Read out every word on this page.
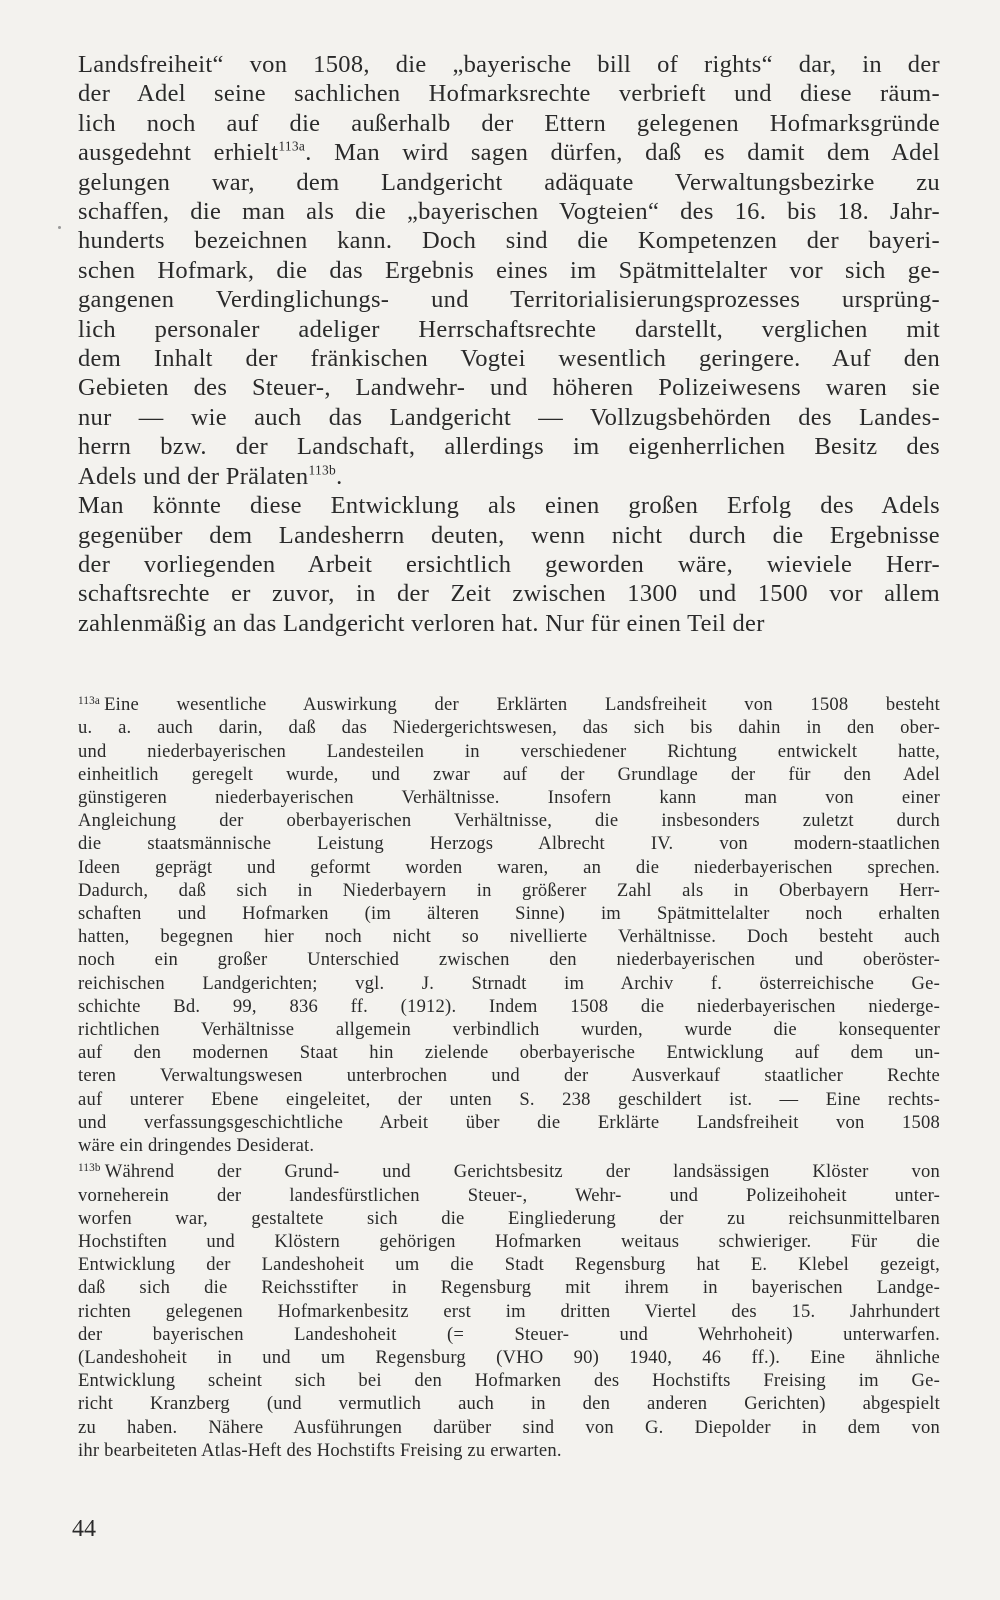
Landsfreiheit“ von 1508, die „bayerische bill of rights“ dar, in der
der Adel seine sachlichen Hofmarksrechte verbrieft und diese räum-
lich noch auf die außerhalb der Ettern gelegenen Hofmarksgründe
ausgedehnt erhielt$^{113a}$. Man wird sagen dürfen, daß es damit dem Adel
gelungen war, dem Landgericht adäquate Verwaltungsbezirke zu
schaffen, die man als die „bayerischen Vogteien“ des 16. bis 18. Jahr-
hunderts bezeichnen kann. Doch sind die Kompetenzen der bayeri-
schen Hofmark, die das Ergebnis eines im Spätmittelalter vor sich ge-
gangenen Verdinglichungs- und Territorialisierungsprozesses ursprüng-
lich personaler adeliger Herrschaftsrechte darstellt, verglichen mit
dem Inhalt der fränkischen Vogtei wesentlich geringere. Auf den
Gebieten des Steuer-, Landwehr- und höheren Polizeiwesens waren sie
nur — wie auch das Landgericht — Vollzugsbehörden des Landes-
herrn bzw. der Landschaft, allerdings im eigenherrlichen Besitz des
Adels und der Prälaten$^{113b}$.
Man könnte diese Entwicklung als einen großen Erfolg des Adels
gegenüber dem Landesherrn deuten, wenn nicht durch die Ergebnisse
der vorliegenden Arbeit ersichtlich geworden wäre, wieviele Herr-
schaftsrechte er zuvor, in der Zeit zwischen 1300 und 1500 vor allem
zahlenmäßig an das Landgericht verloren hat. Nur für einen Teil der
$^{113a}$ Eine wesentliche Auswirkung der Erklärten Landsfreiheit von 1508 besteht
u. a. auch darin, daß das Niedergerichtswesen, das sich bis dahin in den ober-
und niederbayerischen Landesteilen in verschiedener Richtung entwickelt hatte,
einheitlich geregelt wurde, und zwar auf der Grundlage der für den Adel
günstigeren niederbayerischen Verhältnisse. Insofern kann man von einer
Angleichung der oberbayerischen Verhältnisse, die insbesonders zuletzt durch
die staatsmännische Leistung Herzogs Albrecht IV. von modern-staatlichen
Ideen geprägt und geformt worden waren, an die niederbayerischen sprechen.
Dadurch, daß sich in Niederbayern in größerer Zahl als in Oberbayern Herr-
schaften und Hofmarken (im älteren Sinne) im Spätmittelalter noch erhalten
hatten, begegnen hier noch nicht so nivellierte Verhältnisse. Doch besteht auch
noch ein großer Unterschied zwischen den niederbayerischen und oberöster-
reichischen Landgerichten; vgl. J. Strnadt im Archiv f. österreichische Ge-
schichte Bd. 99, 836 ff. (1912). Indem 1508 die niederbayerischen niederge-
richtlichen Verhältnisse allgemein verbindlich wurden, wurde die konsequenter
auf den modernen Staat hin zielende oberbayerische Entwicklung auf dem un-
teren Verwaltungswesen unterbrochen und der Ausverkauf staatlicher Rechte
auf unterer Ebene eingeleitet, der unten S. 238 geschildert ist. — Eine rechts-
und verfassungsgeschichtliche Arbeit über die Erklärte Landsfreiheit von 1508
wäre ein dringendes Desiderat.
$^{113b}$ Während der Grund- und Gerichtsbesitz der landsässigen Klöster von
vorneherein der landesfürstlichen Steuer-, Wehr- und Polizeihoheit unter-
worfen war, gestaltete sich die Eingliederung der zu reichsunmittelbaren
Hochstiften und Klöstern gehörigen Hofmarken weitaus schwieriger. Für die
Entwicklung der Landeshoheit um die Stadt Regensburg hat E. Klebel gezeigt,
daß sich die Reichsstifter in Regensburg mit ihrem in bayerischen Landge-
richten gelegenen Hofmarkenbesitz erst im dritten Viertel des 15. Jahrhundert
der bayerischen Landeshoheit (= Steuer- und Wehrhoheit) unterwarfen.
(Landeshoheit in und um Regensburg (VHO 90) 1940, 46 ff.). Eine ähnliche
Entwicklung scheint sich bei den Hofmarken des Hochstifts Freising im Ge-
richt Kranzberg (und vermutlich auch in den anderen Gerichten) abgespielt
zu haben. Nähere Ausführungen darüber sind von G. Diepolder in dem von
ihr bearbeiteten Atlas-Heft des Hochstifts Freising zu erwarten.
44
